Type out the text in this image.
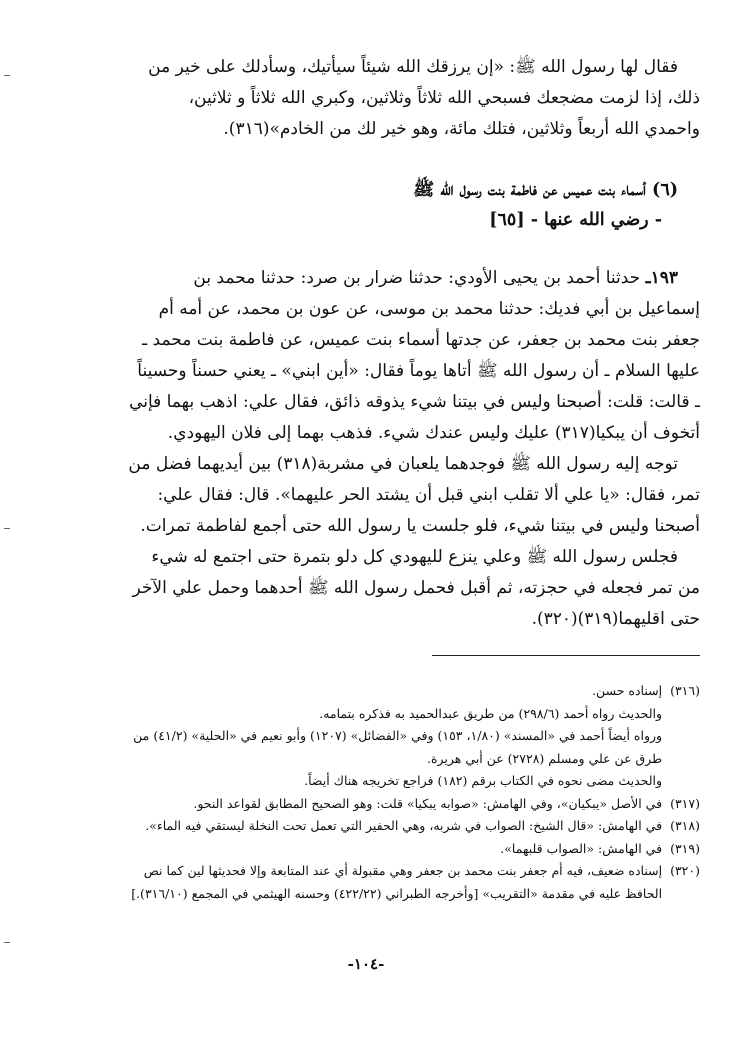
فقال لها رسول الله ﷺ: «إن يرزقك الله شيئاً سيأتيك، وسأدلك على خير من
ذلك، إذا لزمت مضجعك فسبحي الله ثلاثاً وثلاثين، وكبري الله ثلاثاً و ثلاثين،
واحمدي الله أربعاً وثلاثين، فتلك مائة، وهو خير لك من الخادم»(٣١٦).
(٦) أسماء بنت عميس عن فاطمة بنت رسول الله ﷺ
- رضي الله عنها - [٦٥]
١٩٣ـ حدثنا أحمد بن يحيى الأودي: حدثنا ضرار بن صرد: حدثنا محمد بن
إسماعيل بن أبي فديك: حدثنا محمد بن موسى، عن عون بن محمد، عن أمه أم
جعفر بنت محمد بن جعفر، عن جدتها أسماء بنت عميس، عن فاطمة بنت محمد ـ
عليها السلام ـ أن رسول الله ﷺ أتاها يوماً فقال: «أين ابني» ـ يعني حسناً وحسيناً
ـ قالت: قلت: أصبحنا وليس في بيتنا شيء يذوقه ذائق، فقال علي: اذهب بهما فإني
أتخوف أن يبكيا(٣١٧) عليك وليس عندك شيء. فذهب بهما إلى فلان اليهودي.
توجه إليه رسول الله ﷺ فوجدهما يلعبان في مشربة(٣١٨) بين أيديهما فضل من
تمر، فقال: «يا علي ألا تقلب ابني قبل أن يشتد الحر عليهما». قال: فقال علي:
أصبحنا وليس في بيتنا شيء، فلو جلست يا رسول الله حتى أجمع لفاطمة تمرات.
فجلس رسول الله ﷺ وعلي ينزع لليهودي كل دلو بتمرة حتى اجتمع له شيء
من تمر فجعله في حجزته، ثم أقبل فحمل رسول الله ﷺ أحدهما وحمل علي الآخر
حتى اقليهما(٣١٩)(٣٢٠).
(٣١٦)
إسناده حسن.
والحديث رواه أحمد (٢٩٨/٦) من طريق عبدالحميد به فذكره بتمامه.
ورواه أيضاً أحمد في «المسند» (١/٨٠، ١٥٣) وفي «الفضائل» (١٢٠٧) وأبو نعيم في «الحلية» (٤١/٢) من
طرق عن علي ومسلم (٢٧٢٨) عن أبي هريرة.
والحديث مضى نحوه في الكتاب برقم (١٨٢) فراجع تخريجه هناك أيضاً.
(٣١٧)
في الأصل «يبكيان»، وفي الهامش: «صوابه يبكيا» قلت: وهو الصحيح المطابق لقواعد النحو.
(٣١٨)
في الهامش: «قال الشيخ: الصواب في شربه، وهي الحفير التي تعمل تحت النخلة ليستقي فيه الماء».
(٣١٩)
في الهامش: «الصواب قلبهما».
(٣٢٠)
إسناده ضعيف، فيه أم جعفر بنت محمد بن جعفر وهي مقبولة أي عند المتابعة وإلا فحديثها لين كما نص
الحافظ عليه في مقدمة «التقريب» [وأخرجه الطبراني (٤٢٢/٢٢) وحسنه الهيثمي في المجمع (٣١٦/١٠).]
-١٠٤-
